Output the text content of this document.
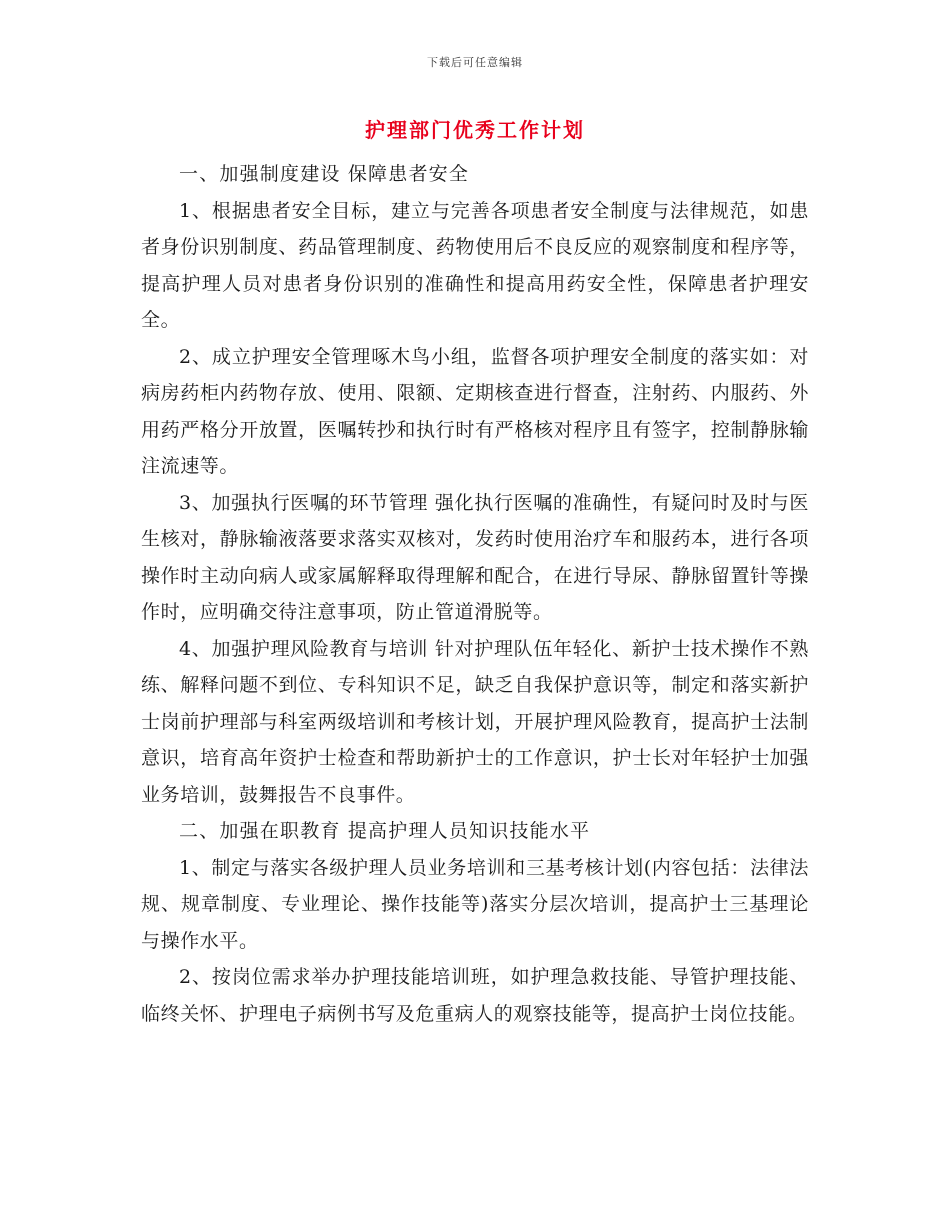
下载后可任意编辑
护理部门优秀工作计划

一、加强制度建设 保障患者安全

1、根据患者安全目标，建立与完善各项患者安全制度与法律规范，如患者身份识别制度、药品管理制度、药物使用后不良反应的观察制度和程序等，提高护理人员对患者身份识别的准确性和提高用药安全性，保障患者护理安全。

2、成立护理安全管理啄木鸟小组，监督各项护理安全制度的落实如：对病房药柜内药物存放、使用、限额、定期核查进行督查，注射药、内服药、外用药严格分开放置，医嘱转抄和执行时有严格核对程序且有签字，控制静脉输注流速等。

3、加强执行医嘱的环节管理 强化执行医嘱的准确性，有疑问时及时与医生核对，静脉输液落要求落实双核对，发药时使用治疗车和服药本，进行各项操作时主动向病人或家属解释取得理解和配合，在进行导尿、静脉留置针等操作时，应明确交待注意事项，防止管道滑脱等。

4、加强护理风险教育与培训 针对护理队伍年轻化、新护士技术操作不熟练、解释问题不到位、专科知识不足，缺乏自我保护意识等，制定和落实新护士岗前护理部与科室两级培训和考核计划，开展护理风险教育，提高护士法制意识，培育高年资护士检查和帮助新护士的工作意识，护士长对年轻护士加强业务培训，鼓舞报告不良事件。

二、加强在职教育 提高护理人员知识技能水平

1、制定与落实各级护理人员业务培训和三基考核计划(内容包括：法律法规、规章制度、专业理论、操作技能等)落实分层次培训，提高护士三基理论与操作水平。

2、按岗位需求举办护理技能培训班，如护理急救技能、导管护理技能、临终关怀、护理电子病例书写及危重病人的观察技能等，提高护士岗位技能。
